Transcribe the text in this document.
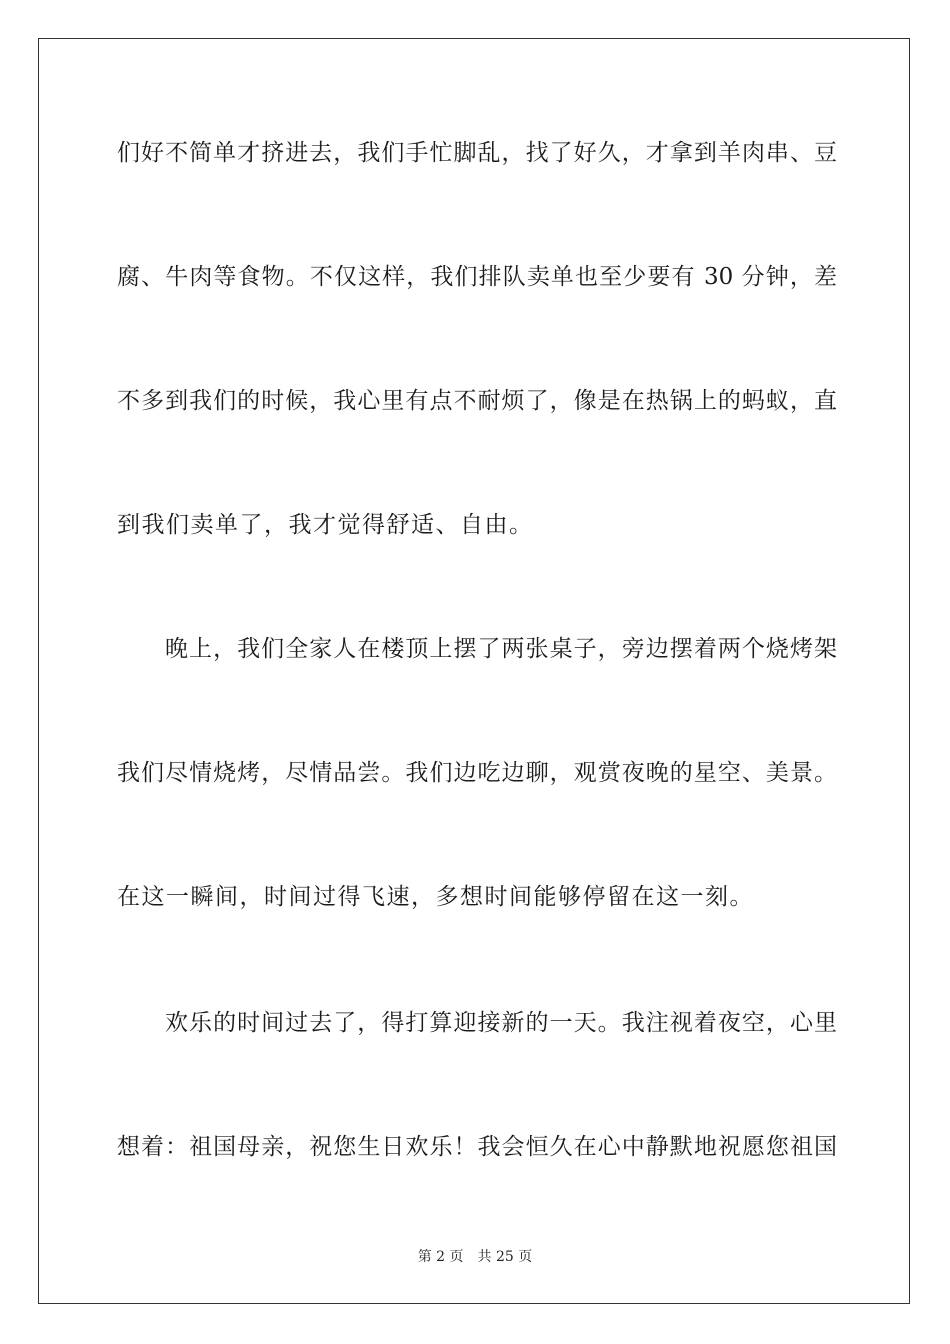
们好不简单才挤进去，我们手忙脚乱，找了好久，才拿到羊肉串、豆
腐、牛肉等食物。不仅这样，我们排队卖单也至少要有 30 分钟，差
不多到我们的时候，我心里有点不耐烦了，像是在热锅上的蚂蚁，直
到我们卖单了，我才觉得舒适、自由。
晚上，我们全家人在楼顶上摆了两张桌子，旁边摆着两个烧烤架
我们尽情烧烤，尽情品尝。我们边吃边聊，观赏夜晚的星空、美景。
在这一瞬间，时间过得飞速，多想时间能够停留在这一刻。
欢乐的时间过去了，得打算迎接新的一天。我注视着夜空，心里
想着：祖国母亲，祝您生日欢乐！我会恒久在心中静默地祝愿您祖国
第 2 页 共 25 页
